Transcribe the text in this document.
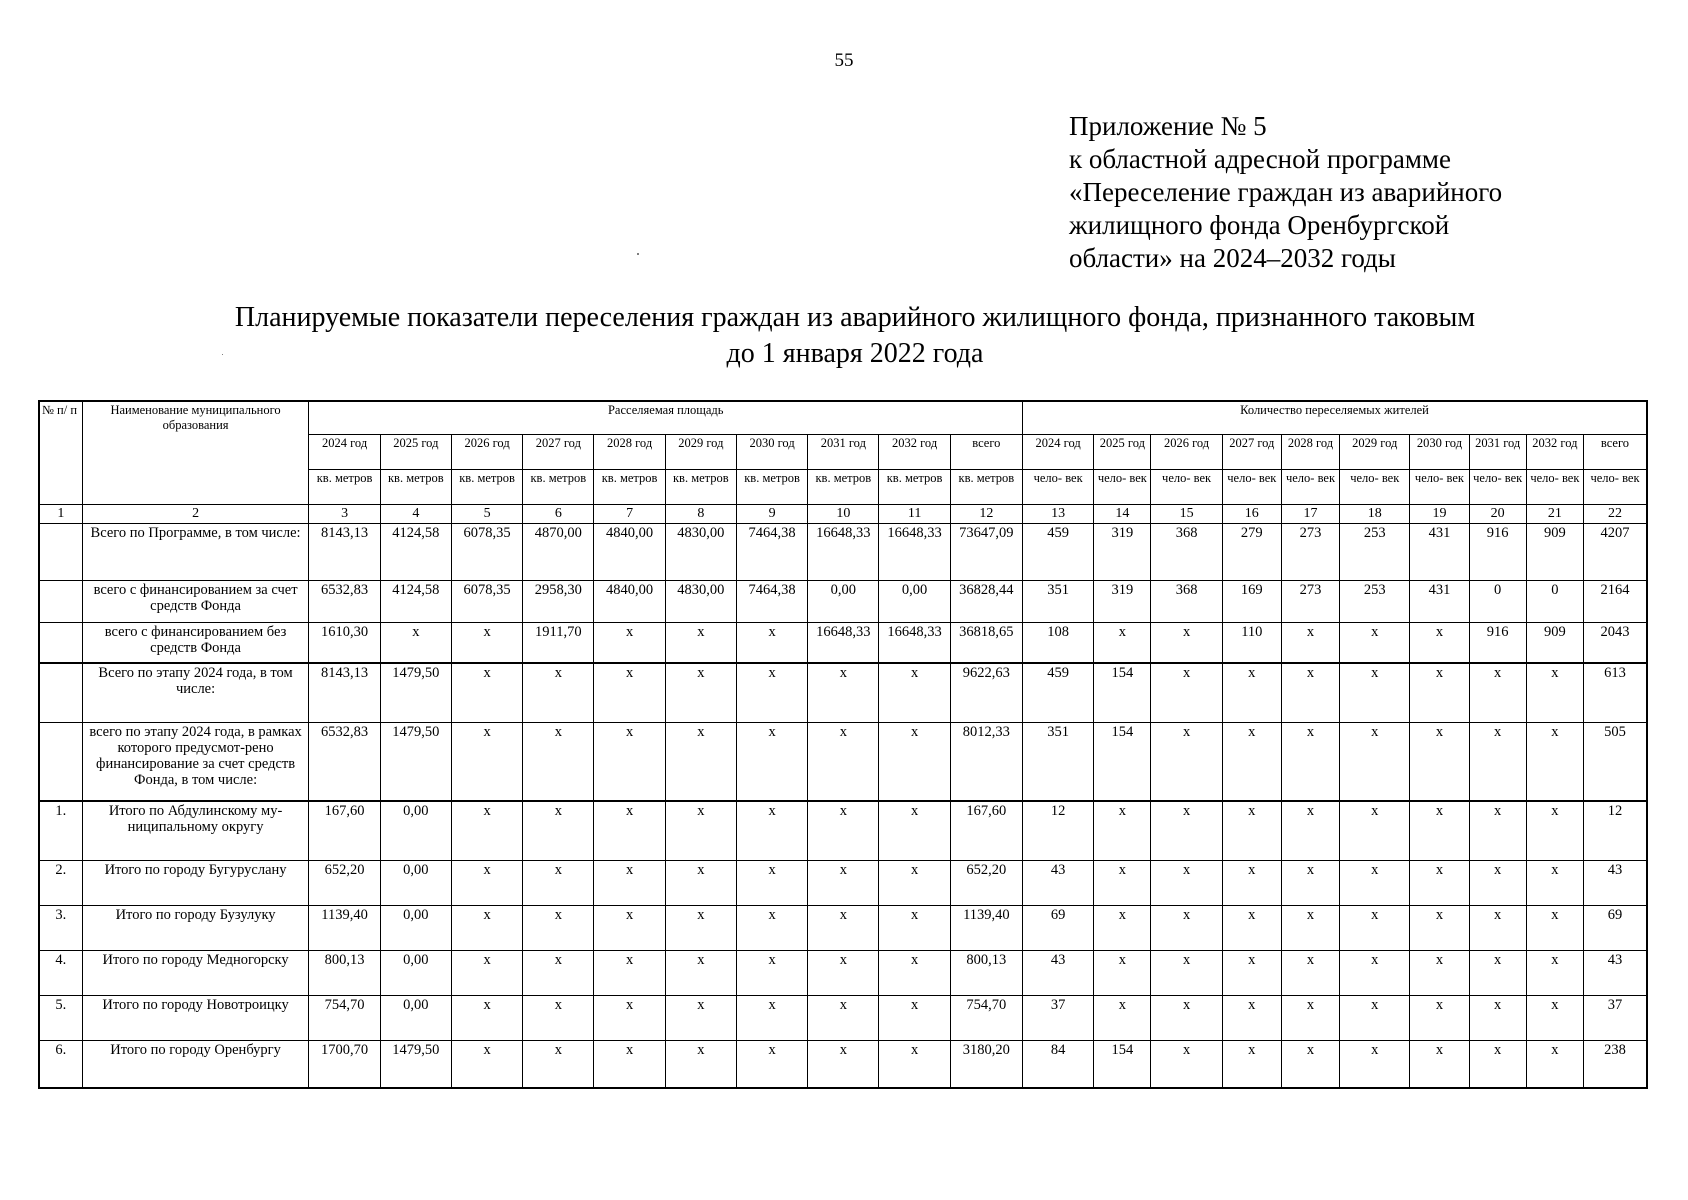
55
Приложение № 5
к областной адресной программе
«Переселение граждан из аварийного
жилищного фонда Оренбургской
области» на 2024–2032 годы
Планируемые показатели переселения граждан из аварийного жилищного фонда, признанного таковым
до 1 января 2022 года
№ п/ п	Наименование муниципального образования	Расселяемая площадь										Количество переселяемых жителей									
		2024 год	2025 год	2026 год	2027 год	2028 год	2029 год	2030 год	2031 год	2032 год	всего	2024 год	2025 год	2026 год	2027 год	2028 год	2029 год	2030 год	2031 год	2032 год	всего
		кв. метров	кв. метров	кв. метров	кв. метров	кв. метров	кв. метров	кв. метров	кв. метров	кв. метров	кв. метров	чело- век	чело- век	чело- век	чело- век	чело- век	чело- век	чело- век	чело- век	чело- век	чело- век
1	2	3	4	5	6	7	8	9	10	11	12	13	14	15	16	17	18	19	20	21	22
	Всего по Программе, в том числе:	8143,13	4124,58	6078,35	4870,00	4840,00	4830,00	7464,38	16648,33	16648,33	73647,09	459	319	368	279	273	253	431	916	909	4207
	всего с финансированием за счет средств Фонда	6532,83	4124,58	6078,35	2958,30	4840,00	4830,00	7464,38	0,00	0,00	36828,44	351	319	368	169	273	253	431	0	0	2164
	всего с финансированием без средств Фонда	1610,30	х	х	1911,70	х	х	х	16648,33	16648,33	36818,65	108	х	х	110	х	х	х	916	909	2043
	Всего по этапу 2024 года, в том числе:	8143,13	1479,50	х	х	х	х	х	х	х	9622,63	459	154	х	х	х	х	х	х	х	613
	всего по этапу 2024 года, в рамках которого предусмот-рено финансирование за счет средств Фонда, в том числе:	6532,83	1479,50	х	х	х	х	х	х	х	8012,33	351	154	х	х	х	х	х	х	х	505
1.	Итого по Абдулинскому му-ниципальному округу	167,60	0,00	х	х	х	х	х	х	х	167,60	12	х	х	х	х	х	х	х	х	12
2.	Итого по городу Бугуруслану	652,20	0,00	х	х	х	х	х	х	х	652,20	43	х	х	х	х	х	х	х	х	43
3.	Итого по городу Бузулуку	1139,40	0,00	х	х	х	х	х	х	х	1139,40	69	х	х	х	х	х	х	х	х	69
4.	Итого по городу Медногорску	800,13	0,00	х	х	х	х	х	х	х	800,13	43	х	х	х	х	х	х	х	х	43
5.	Итого по городу Новотроицку	754,70	0,00	х	х	х	х	х	х	х	754,70	37	х	х	х	х	х	х	х	х	37
6.	Итого по городу Оренбургу	1700,70	1479,50	х	х	х	х	х	х	х	3180,20	84	154	х	х	х	х	х	х	х	238
